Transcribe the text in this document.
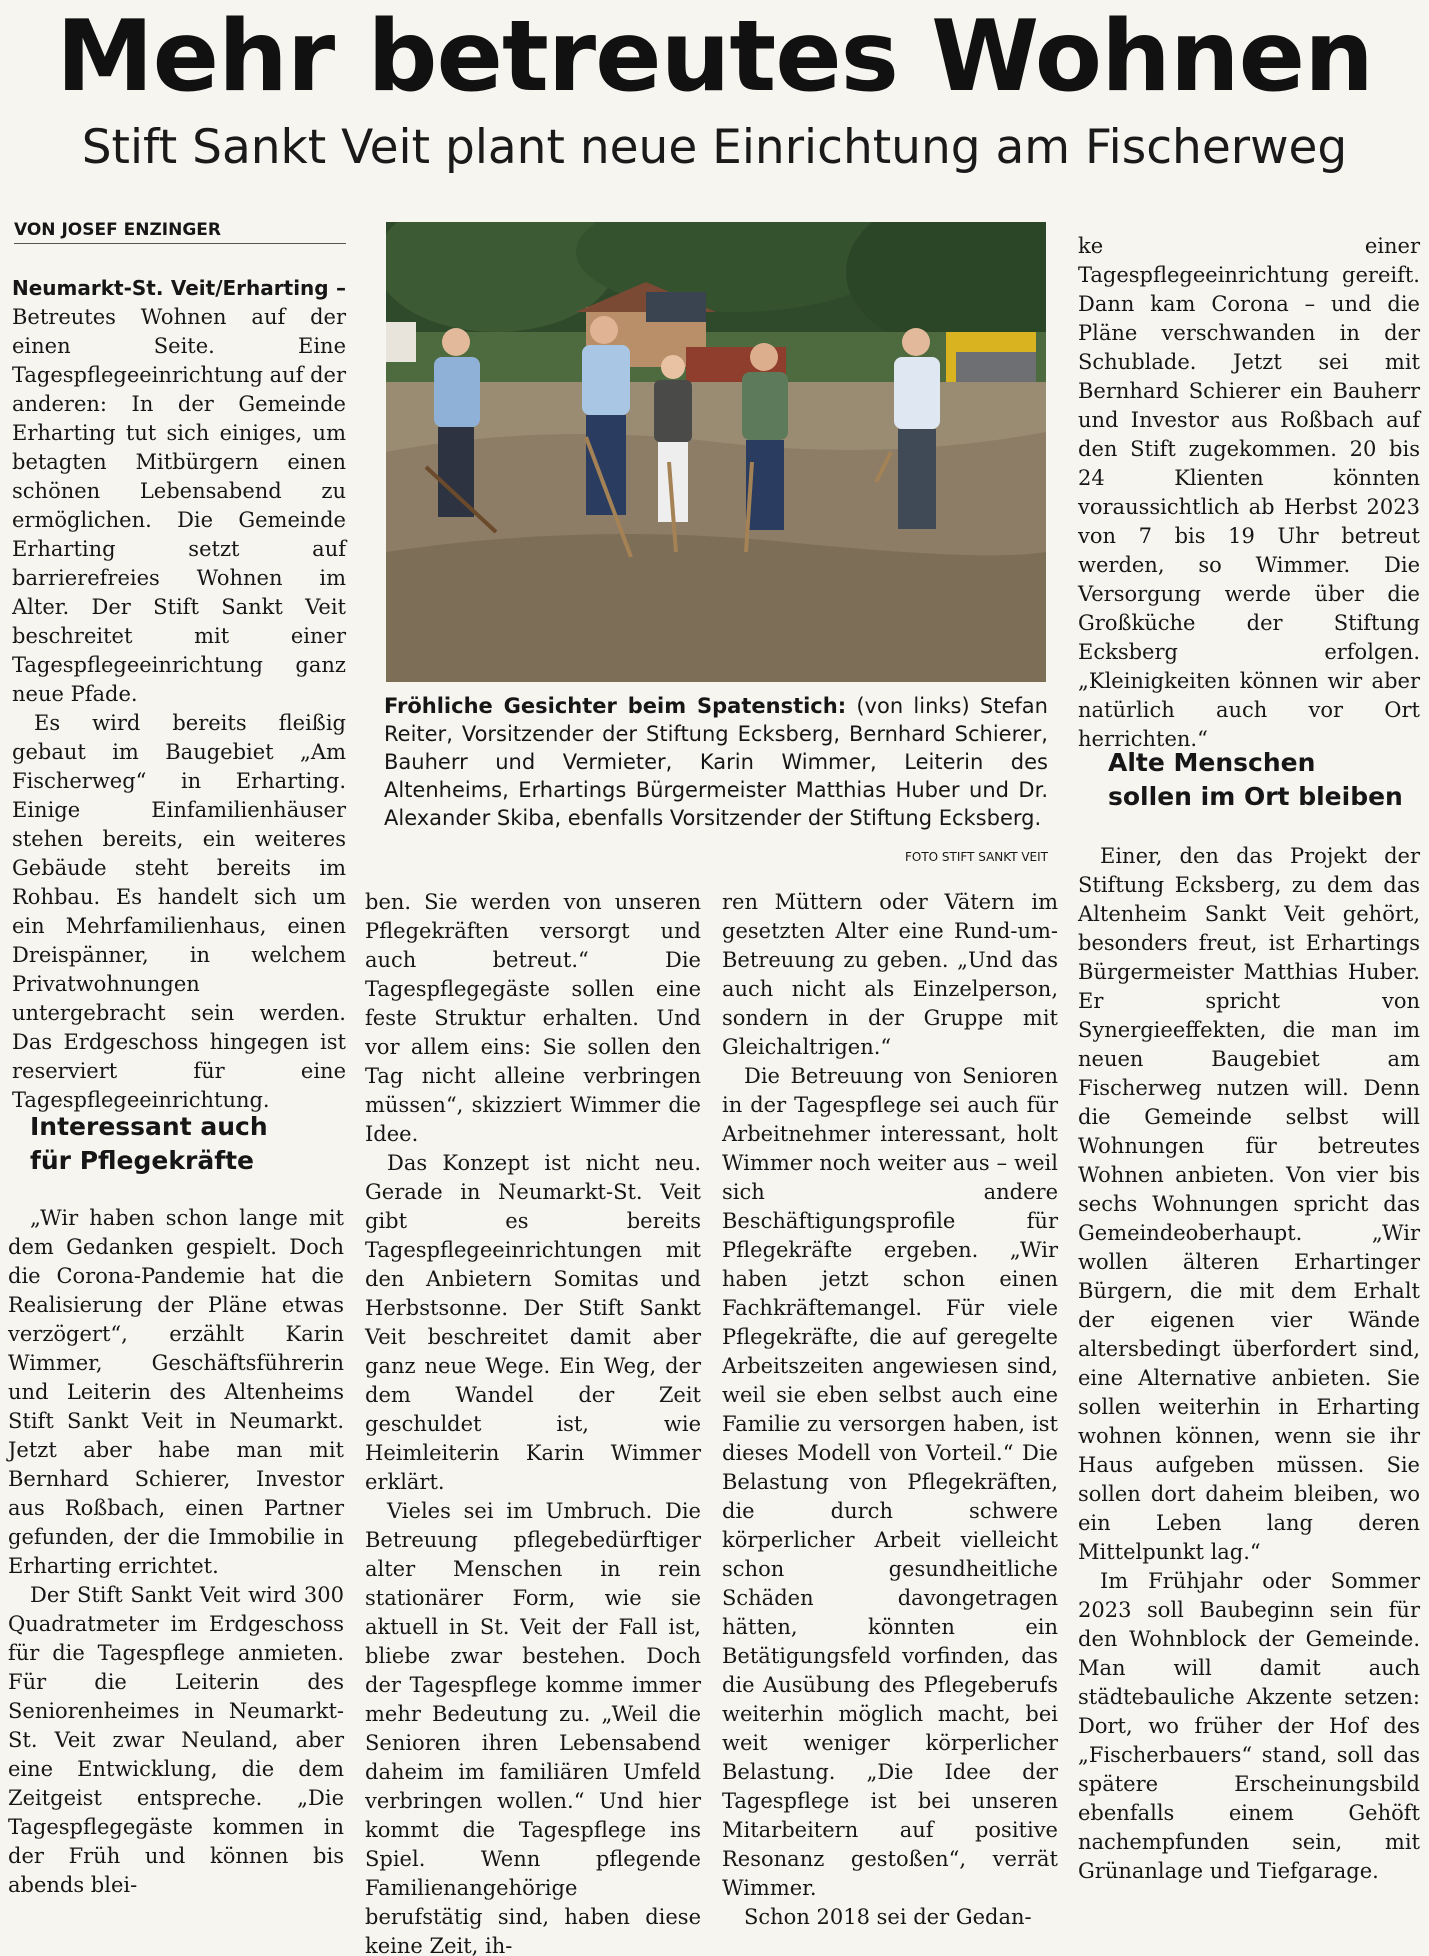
Mehr betreutes Wohnen
Stift Sankt Veit plant neue Einrichtung am Fischerweg
VON JOSEF ENZINGER

Neumarkt-St. Veit/Erharting – Betreutes Wohnen auf der einen Seite. Eine Tagespflegeeinrichtung auf der anderen: In der Gemeinde Erharting tut sich einiges, um betagten Mitbürgern einen schönen Lebensabend zu ermöglichen. Die Gemeinde Erharting setzt auf barrierefreies Wohnen im Alter. Der Stift Sankt Veit beschreitet mit einer Tagespflegeeinrichtung ganz neue Pfade.

Es wird bereits fleißig gebaut im Baugebiet „Am Fischerweg“ in Erharting. Einige Einfamilienhäuser stehen bereits, ein weiteres Gebäude steht bereits im Rohbau. Es handelt sich um ein Mehrfamilienhaus, einen Dreispänner, in welchem Privatwohnungen untergebracht sein werden. Das Erdgeschoss hingegen ist reserviert für eine Tagespflegeeinrichtung.

Interessant auch
für Pflegekräfte

„Wir haben schon lange mit dem Gedanken gespielt. Doch die Corona-Pandemie hat die Realisierung der Pläne etwas verzögert“, erzählt Karin Wimmer, Geschäftsführerin und Leiterin des Altenheims Stift Sankt Veit in Neumarkt. Jetzt aber habe man mit Bernhard Schierer, Investor aus Roßbach, einen Partner gefunden, der die Immobilie in Erharting errichtet.

Der Stift Sankt Veit wird 300 Quadratmeter im Erdgeschoss für die Tagespflege anmieten. Für die Leiterin des Seniorenheimes in Neumarkt-St. Veit zwar Neuland, aber eine Entwicklung, die dem Zeitgeist entspreche. „Die Tagespflegegäste kommen in der Früh und können bis abends blei-

Fröhliche Gesichter beim Spatenstich: (von links) Stefan Reiter, Vorsitzender der Stiftung Ecksberg, Bernhard Schierer, Bauherr und Vermieter, Karin Wimmer, Leiterin des Altenheims, Erhartings Bürgermeister Matthias Huber und Dr. Alexander Skiba, ebenfalls Vorsitzender der Stiftung Ecksberg.
FOTO STIFT SANKT VEIT

ben. Sie werden von unseren Pflegekräften versorgt und auch betreut.“ Die Tagespflegegäste sollen eine feste Struktur erhalten. Und vor allem eins: Sie sollen den Tag nicht alleine verbringen müssen“, skizziert Wimmer die Idee.

Das Konzept ist nicht neu. Gerade in Neumarkt-St. Veit gibt es bereits Tagespflegeeinrichtungen mit den Anbietern Somitas und Herbstsonne. Der Stift Sankt Veit beschreitet damit aber ganz neue Wege. Ein Weg, der dem Wandel der Zeit geschuldet ist, wie Heimleiterin Karin Wimmer erklärt.

Vieles sei im Umbruch. Die Betreuung pflegebedürftiger alter Menschen in rein stationärer Form, wie sie aktuell in St. Veit der Fall ist, bliebe zwar bestehen. Doch der Tagespflege komme immer mehr Bedeutung zu. „Weil die Senioren ihren Lebensabend daheim im familiären Umfeld verbringen wollen.“ Und hier kommt die Tagespflege ins Spiel. Wenn pflegende Familienangehörige berufstätig sind, haben diese keine Zeit, ih-

ren Müttern oder Vätern im gesetzten Alter eine Rund-um-Betreuung zu geben. „Und das auch nicht als Einzelperson, sondern in der Gruppe mit Gleichaltrigen.“

Die Betreuung von Senioren in der Tagespflege sei auch für Arbeitnehmer interessant, holt Wimmer noch weiter aus – weil sich andere Beschäftigungsprofile für Pflegekräfte ergeben. „Wir haben jetzt schon einen Fachkräftemangel. Für viele Pflegekräfte, die auf geregelte Arbeitszeiten angewiesen sind, weil sie eben selbst auch eine Familie zu versorgen haben, ist dieses Modell von Vorteil.“ Die Belastung von Pflegekräften, die durch schwere körperlicher Arbeit vielleicht schon gesundheitliche Schäden davongetragen hätten, könnten ein Betätigungsfeld vorfinden, das die Ausübung des Pflegeberufs weiterhin möglich macht, bei weit weniger körperlicher Belastung. „Die Idee der Tagespflege ist bei unseren Mitarbeitern auf positive Resonanz gestoßen“, verrät Wimmer.

Schon 2018 sei der Gedan-

ke einer Tagespflegeeinrichtung gereift. Dann kam Corona – und die Pläne verschwanden in der Schublade. Jetzt sei mit Bernhard Schierer ein Bauherr und Investor aus Roßbach auf den Stift zugekommen. 20 bis 24 Klienten könnten voraussichtlich ab Herbst 2023 von 7 bis 19 Uhr betreut werden, so Wimmer. Die Versorgung werde über die Großküche der Stiftung Ecksberg erfolgen. „Kleinigkeiten können wir aber natürlich auch vor Ort herrichten.“

Alte Menschen
sollen im Ort bleiben

Einer, den das Projekt der Stiftung Ecksberg, zu dem das Altenheim Sankt Veit gehört, besonders freut, ist Erhartings Bürgermeister Matthias Huber. Er spricht von Synergieeffekten, die man im neuen Baugebiet am Fischerweg nutzen will. Denn die Gemeinde selbst will Wohnungen für betreutes Wohnen anbieten. Von vier bis sechs Wohnungen spricht das Gemeindeoberhaupt. „Wir wollen älteren Erhartinger Bürgern, die mit dem Erhalt der eigenen vier Wände altersbedingt überfordert sind, eine Alternative anbieten. Sie sollen weiterhin in Erharting wohnen können, wenn sie ihr Haus aufgeben müssen. Sie sollen dort daheim bleiben, wo ein Leben lang deren Mittelpunkt lag.“

Im Frühjahr oder Sommer 2023 soll Baubeginn sein für den Wohnblock der Gemeinde. Man will damit auch städtebauliche Akzente setzen: Dort, wo früher der Hof des „Fischerbauers“ stand, soll das spätere Erscheinungsbild ebenfalls einem Gehöft nachempfunden sein, mit Grünanlage und Tiefgarage.
